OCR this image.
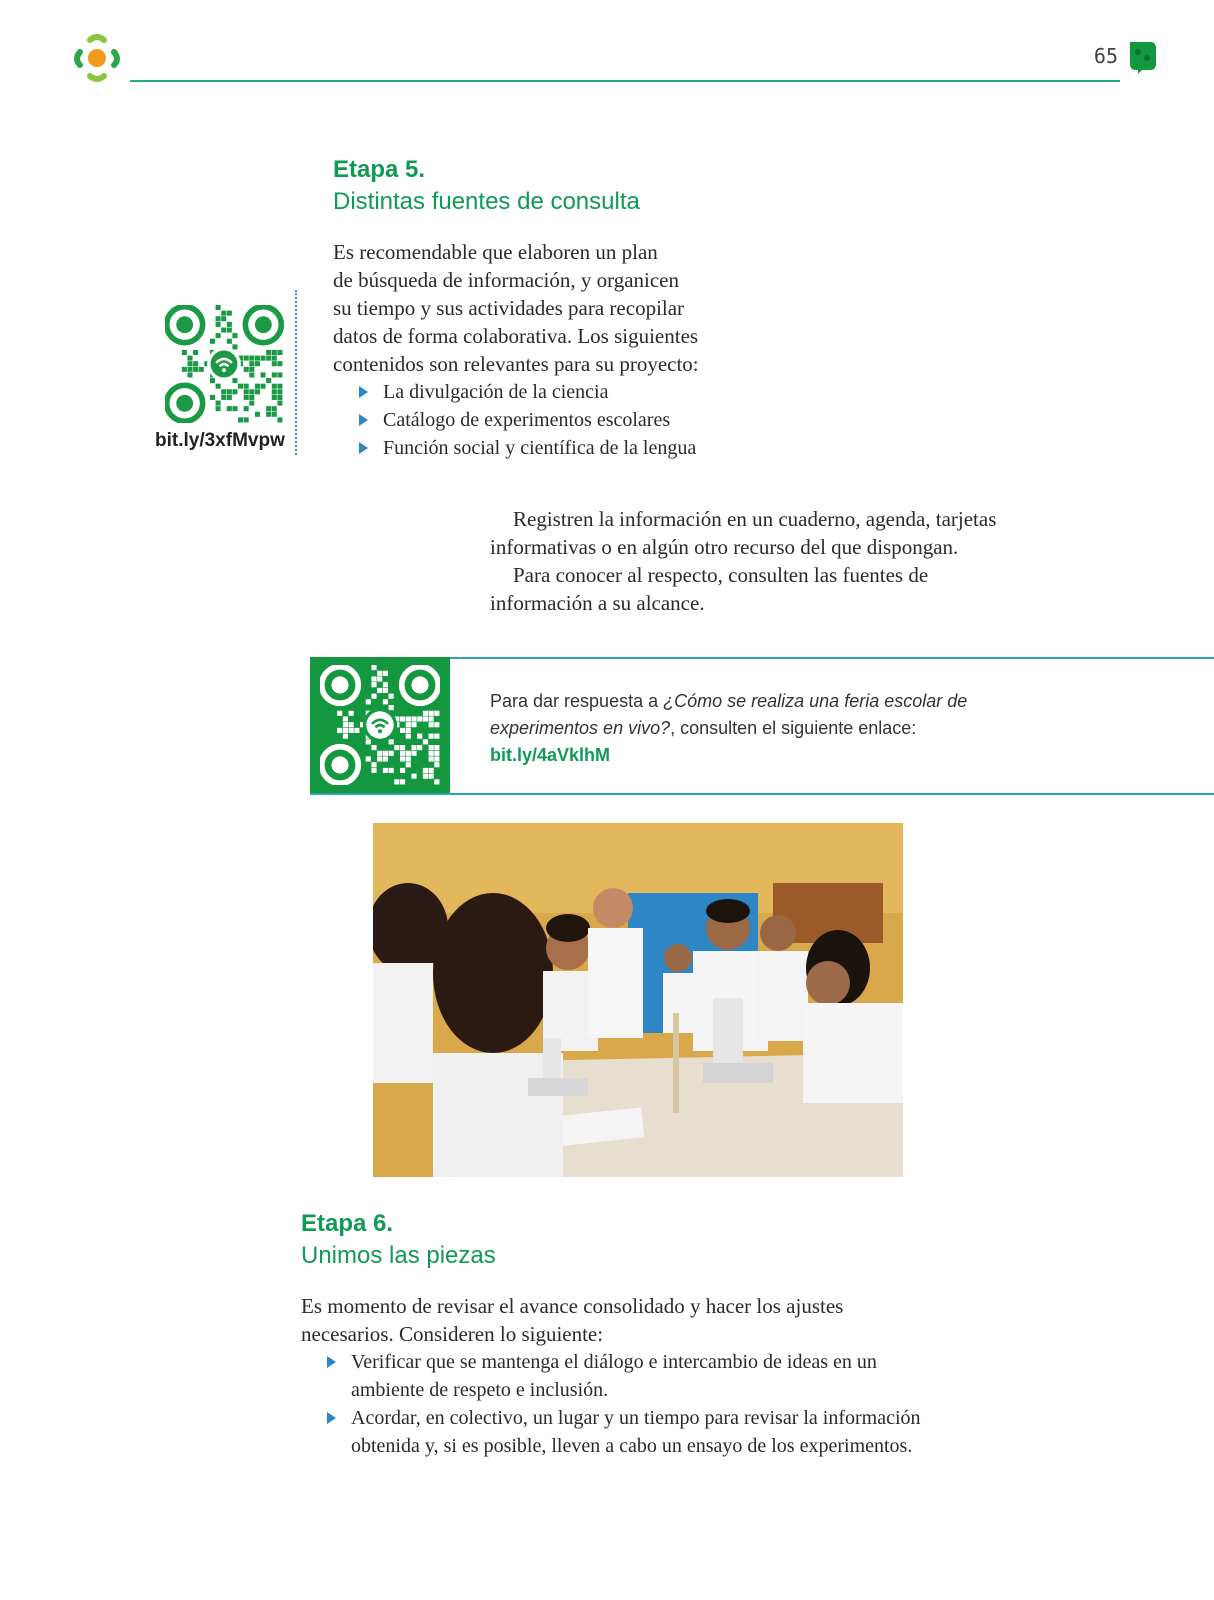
65
Etapa 5.
Distintas fuentes de consulta

Es recomendable que elaboren un plan

de búsqueda de información, y organicen

su tiempo y sus actividades para recopilar

datos de forma colaborativa. Los siguientes

contenidos son relevantes para su proyecto:

La divulgación de la ciencia
Catálogo de experimentos escolares
Función social y científica de la lengua
bit.ly/3xfMvpw

Registren la información en un cuaderno, agenda, tarjetas

informativas o en algún otro recurso del que dispongan.

Para conocer al respecto, consulten las fuentes de

información a su alcance.

Para dar respuesta a ¿Cómo se realiza una feria escolar de experimentos en vivo?, consulten el siguiente enlace:
bit.ly/4aVklhM
Etapa 6.
Unimos las piezas

Es momento de revisar el avance consolidado y hacer los ajustes

necesarios. Consideren lo siguiente:

Verificar que se mantenga el diálogo e intercambio de ideas en un
ambiente de respeto e inclusión.
Acordar, en colectivo, un lugar y un tiempo para revisar la información
obtenida y, si es posible, lleven a cabo un ensayo de los experimentos.
